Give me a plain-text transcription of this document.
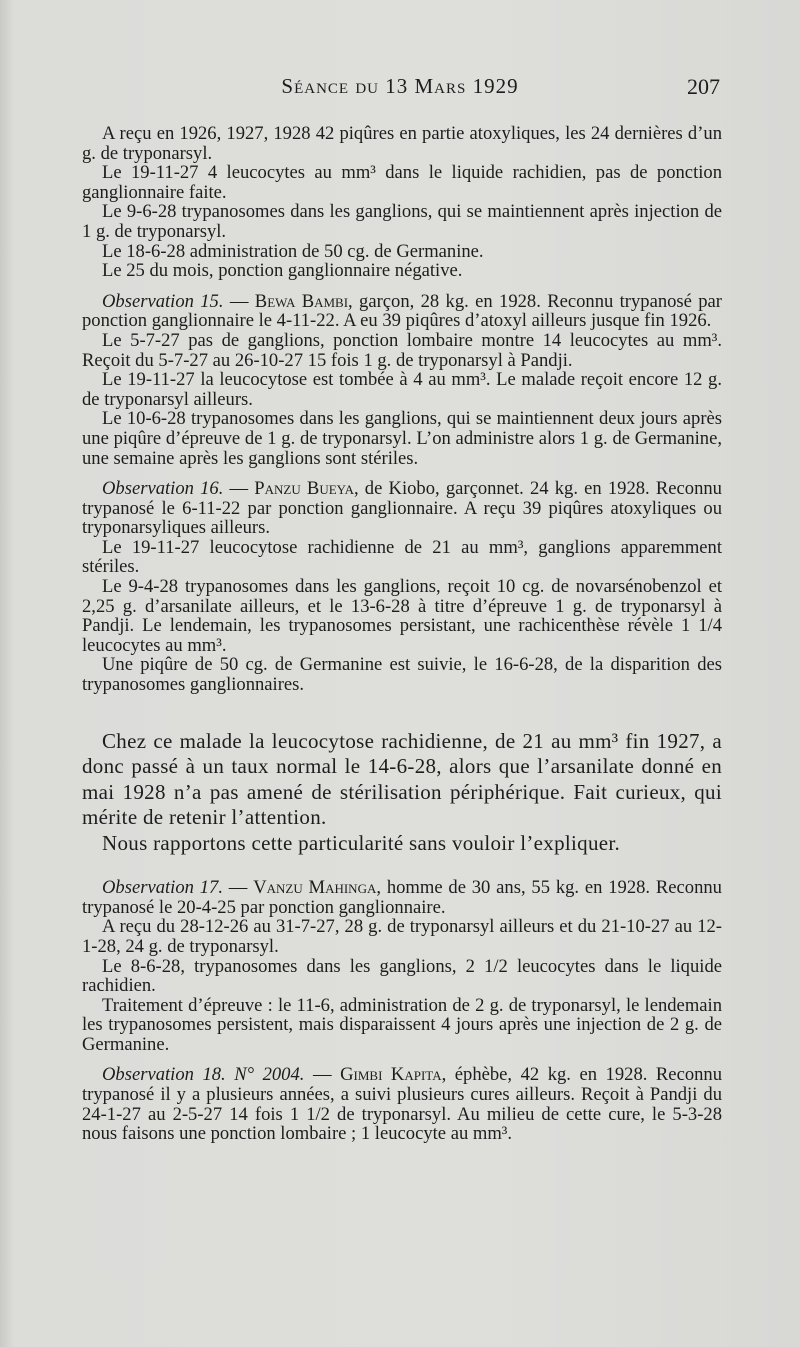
Séance du 13 Mars 1929	207

A reçu en 1926, 1927, 1928 42 piqûres en partie atoxyliques, les 24 dernières d’un g. de tryponarsyl.

Le 19-11-27 4 leucocytes au mm³ dans le liquide rachidien, pas de ponction ganglionnaire faite.

Le 9-6-28 trypanosomes dans les ganglions, qui se maintiennent après injection de 1 g. de tryponarsyl.

Le 18-6-28 administration de 50 cg. de Germanine.

Le 25 du mois, ponction ganglionnaire négative.

Observation 15. — Bewa Bambi, garçon, 28 kg. en 1928. Reconnu trypanosé par ponction ganglionnaire le 4-11-22. A eu 39 piqûres d’atoxyl ailleurs jusque fin 1926.

Le 5-7-27 pas de ganglions, ponction lombaire montre 14 leucocytes au mm³. Reçoit du 5-7-27 au 26-10-27 15 fois 1 g. de tryponarsyl à Pandji.

Le 19-11-27 la leucocytose est tombée à 4 au mm³. Le malade reçoit encore 12 g. de tryponarsyl ailleurs.

Le 10-6-28 trypanosomes dans les ganglions, qui se maintiennent deux jours après une piqûre d’épreuve de 1 g. de tryponarsyl. L’on administre alors 1 g. de Germanine, une semaine après les ganglions sont stériles.

Observation 16. — Panzu Bueya, de Kiobo, garçonnet. 24 kg. en 1928. Reconnu trypanosé le 6-11-22 par ponction ganglionnaire. A reçu 39 piqûres atoxyliques ou tryponarsyliques ailleurs.

Le 19-11-27 leucocytose rachidienne de 21 au mm³, ganglions apparemment stériles.

Le 9-4-28 trypanosomes dans les ganglions, reçoit 10 cg. de novarsénobenzol et 2,25 g. d’arsanilate ailleurs, et le 13-6-28 à titre d’épreuve 1 g. de tryponarsyl à Pandji. Le lendemain, les trypanosomes persistant, une rachicenthèse révèle 1 1/4 leucocytes au mm³.

Une piqûre de 50 cg. de Germanine est suivie, le 16-6-28, de la disparition des trypanosomes ganglionnaires.

Chez ce malade la leucocytose rachidienne, de 21 au mm³ fin 1927, a donc passé à un taux normal le 14-6-28, alors que l’arsanilate donné en mai 1928 n’a pas amené de stérilisation périphérique. Fait curieux, qui mérite de retenir l’attention.

Nous rapportons cette particularité sans vouloir l’expliquer.

Observation 17. — Vanzu Mahinga, homme de 30 ans, 55 kg. en 1928. Reconnu trypanosé le 20-4-25 par ponction ganglionnaire.

A reçu du 28-12-26 au 31-7-27, 28 g. de tryponarsyl ailleurs et du 21-10-27 au 12-1-28, 24 g. de tryponarsyl.

Le 8-6-28, trypanosomes dans les ganglions, 2 1/2 leucocytes dans le liquide rachidien.

Traitement d’épreuve : le 11-6, administration de 2 g. de tryponarsyl, le lendemain les trypanosomes persistent, mais disparaissent 4 jours après une injection de 2 g. de Germanine.

Observation 18. N° 2004. — Gimbi Kapita, éphèbe, 42 kg. en 1928. Reconnu trypanosé il y a plusieurs années, a suivi plusieurs cures ailleurs. Reçoit à Pandji du 24-1-27 au 2-5-27 14 fois 1 1/2 de tryponarsyl. Au milieu de cette cure, le 5-3-28 nous faisons une ponction lombaire ; 1 leucocyte au mm³.
